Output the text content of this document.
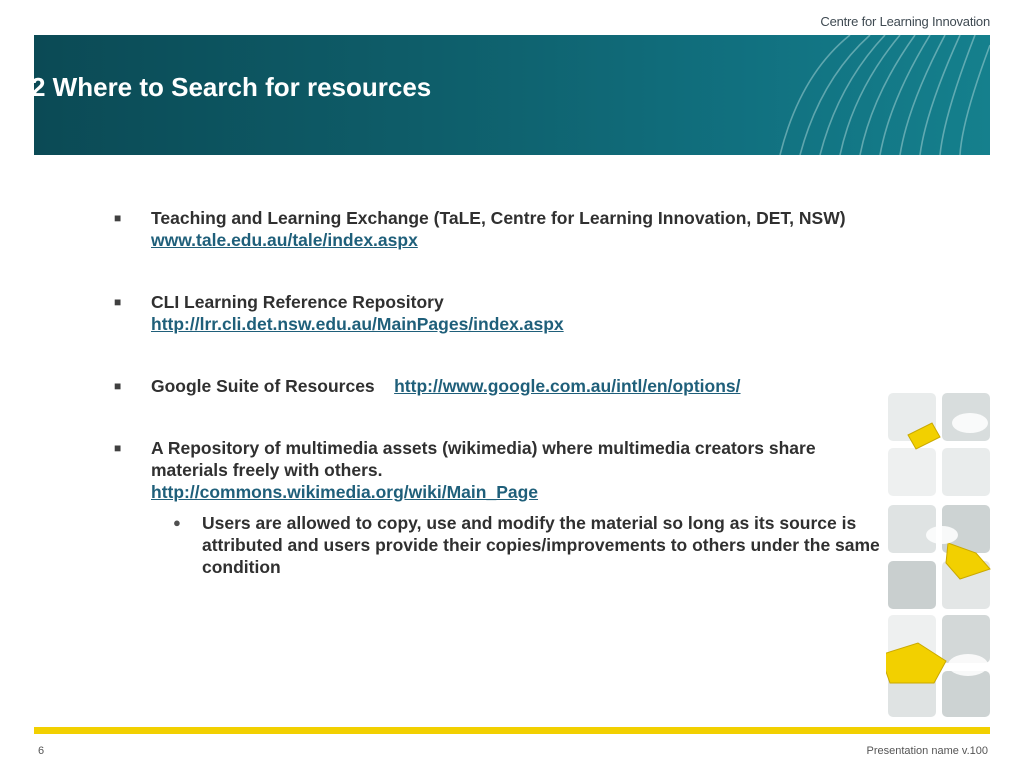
Centre for Learning Innovation
2 Where to Search for resources
■ Teaching and Learning Exchange (TaLE, Centre for Learning Innovation, DET, NSW) www.tale.edu.au/tale/index.aspx
■ CLI Learning Reference Repository
http://lrr.cli.det.nsw.edu.au/MainPages/index.aspx
■ Google Suite of Resources http://www.google.com.au/intl/en/options/
■ A Repository of multimedia assets (wikimedia) where multimedia creators share materials freely with others.
http://commons.wikimedia.org/wiki/Main_Page
● Users are allowed to copy, use and modify the material so long as its source is attributed and users provide their copies/improvements to others under the same condition
6	Presentation name v.100
